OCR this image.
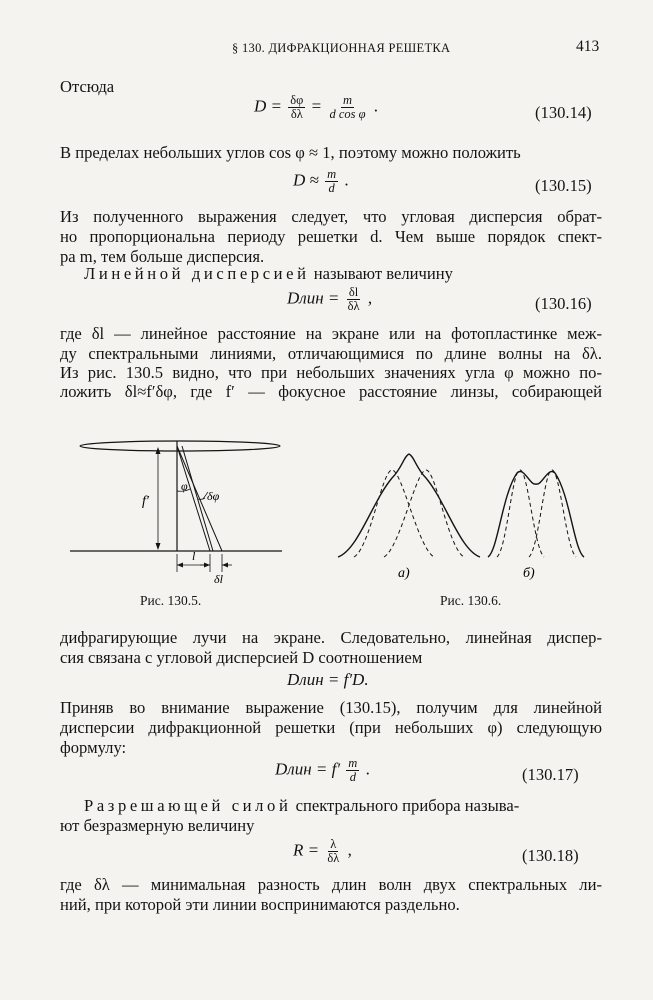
§ 130. ДИФРАКЦИОННАЯ РЕШЕТКА	413
Отсюда
$D = \frac{\delta\varphi}{\delta\lambda} = \frac{m}{\text{d cos φ}}$ .	(130.14)
В пределах небольших углов cos φ ≈ 1, поэтому можно положить
$D \approx \frac{m}{d}$ .	(130.15)
Из полученного выражения следует, что угловая дисперсия обрат-
но пропорциональна периоду решетки d. Чем выше порядок спект-
ра m, тем больше дисперсия.
Линейной дисперсией называют величину
Dлин = $\frac{\delta l}{\delta\lambda}$ ,	(130.16)
где δl — линейное расстояние на экране или на фотопластинке меж-
ду спектральными линиями, отличающимися по длине волны на δλ.
Из рис. 130.5 видно, что при небольших значениях угла φ можно по-
ложить δl≈f′δφ, где f′ — фокусное расстояние линзы, собирающей
f′
φ
δφ
l
δl
Рис. 130.5.
а)	б)
Рис. 130.6.
дифрагирующие лучи на экране. Следовательно, линейная диспер-
сия связана с угловой дисперсией D соотношением
Dлин = f′D.
Приняв во внимание выражение (130.15), получим для линейной
дисперсии дифракционной решетки (при небольших φ) следующую
формулу:
Dлин = $f' \frac{m}{d}$ .	(130.17)
Разрешающей силой спектрального прибора называ-
ют безразмерную величину
$R = \frac{\lambda}{\delta\lambda}$ ,	(130.18)
где δλ — минимальная разность длин волн двух спектральных ли-
ний, при которой эти линии воспринимаются раздельно.
